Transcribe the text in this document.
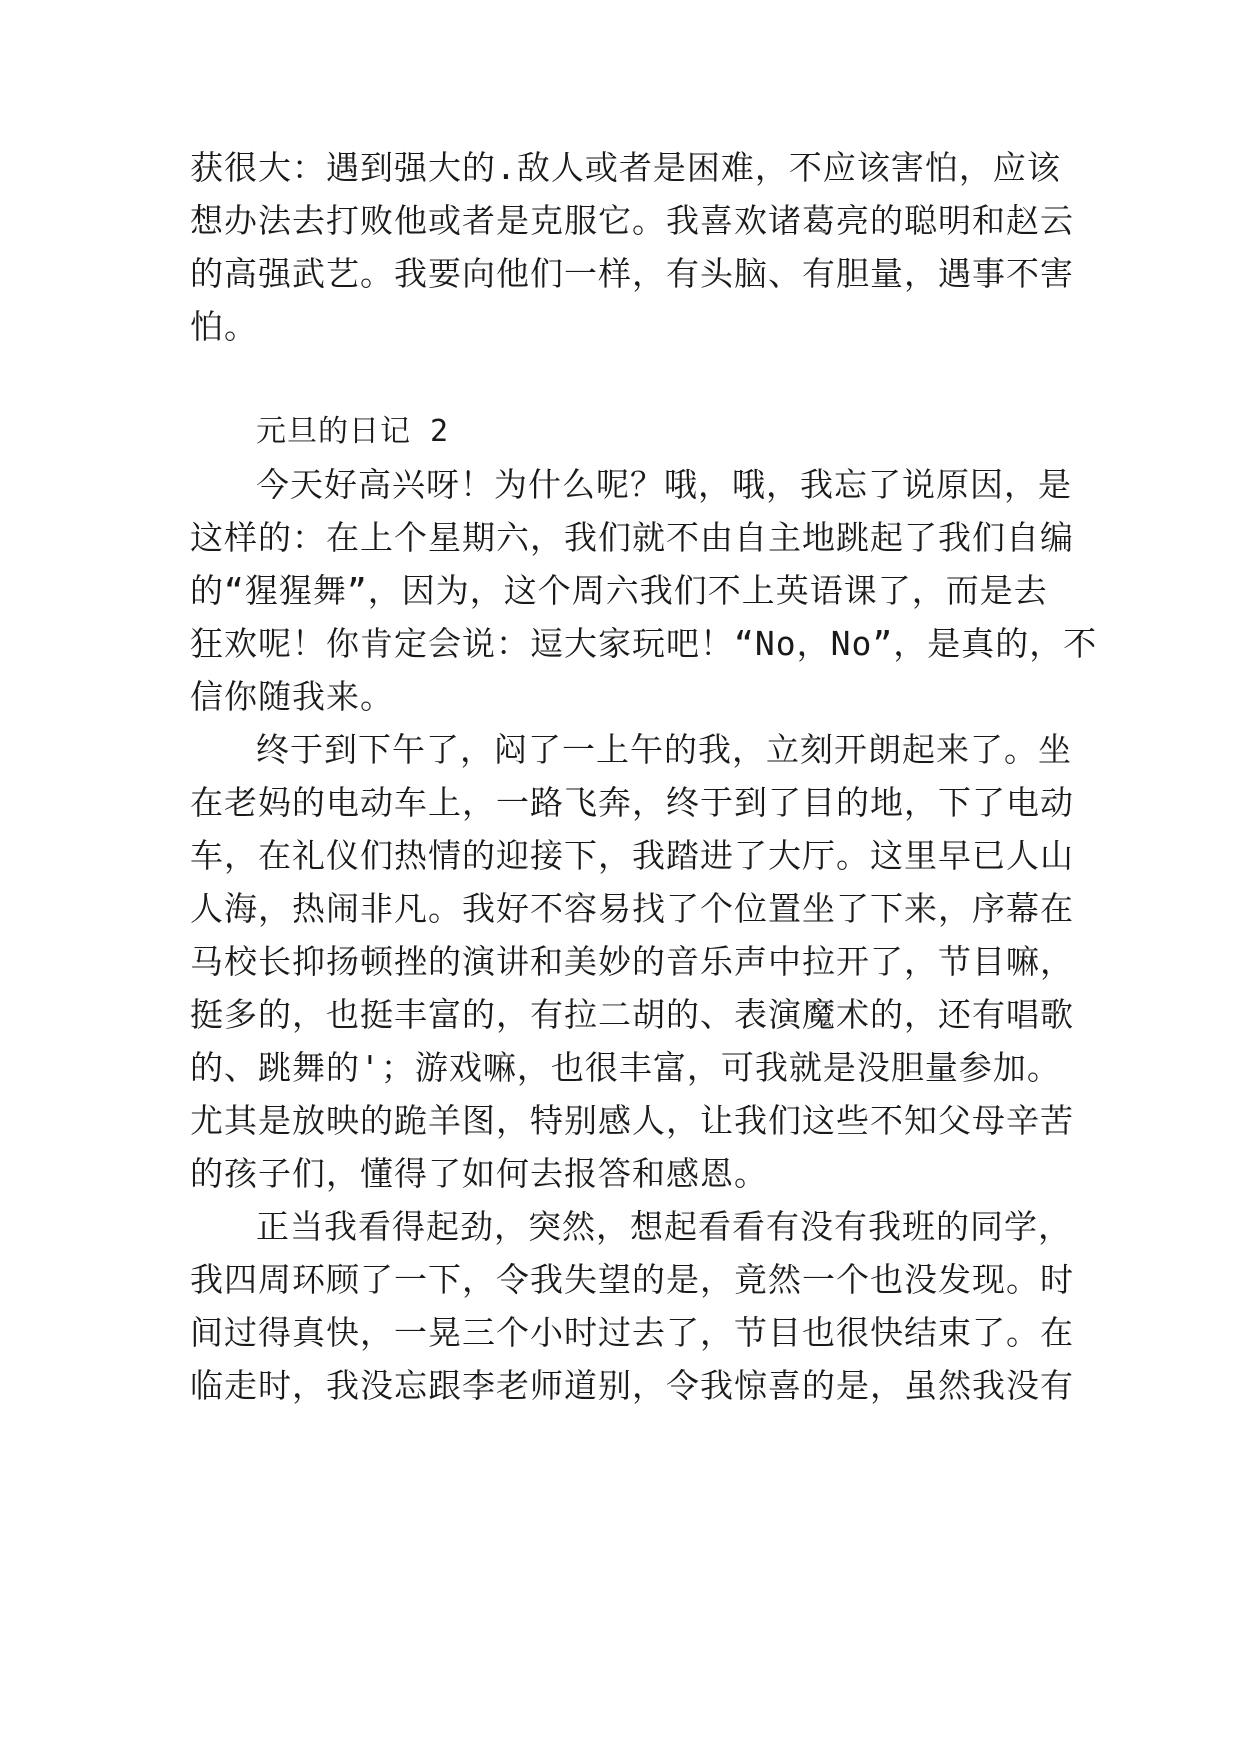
获很大：遇到强大的.敌人或者是困难，不应该害怕，应该
想办法去打败他或者是克服它。我喜欢诸葛亮的聪明和赵云
的高强武艺。我要向他们一样，有头脑、有胆量，遇事不害
怕。
元旦的日记 2
今天好高兴呀！为什么呢？哦，哦，我忘了说原因，是
这样的：在上个星期六，我们就不由自主地跳起了我们自编
的“猩猩舞”，因为，这个周六我们不上英语课了，而是去
狂欢呢！你肯定会说：逗大家玩吧！“No，No”，是真的，不
信你随我来。
终于到下午了，闷了一上午的我，立刻开朗起来了。坐
在老妈的电动车上，一路飞奔，终于到了目的地，下了电动
车，在礼仪们热情的迎接下，我踏进了大厅。这里早已人山
人海，热闹非凡。我好不容易找了个位置坐了下来，序幕在
马校长抑扬顿挫的演讲和美妙的音乐声中拉开了，节目嘛，
挺多的，也挺丰富的，有拉二胡的、表演魔术的，还有唱歌
的、跳舞的'；游戏嘛，也很丰富，可我就是没胆量参加。
尤其是放映的跪羊图，特别感人，让我们这些不知父母辛苦
的孩子们，懂得了如何去报答和感恩。
正当我看得起劲，突然，想起看看有没有我班的同学，
我四周环顾了一下，令我失望的是，竟然一个也没发现。时
间过得真快，一晃三个小时过去了，节目也很快结束了。在
临走时，我没忘跟李老师道别，令我惊喜的是，虽然我没有
